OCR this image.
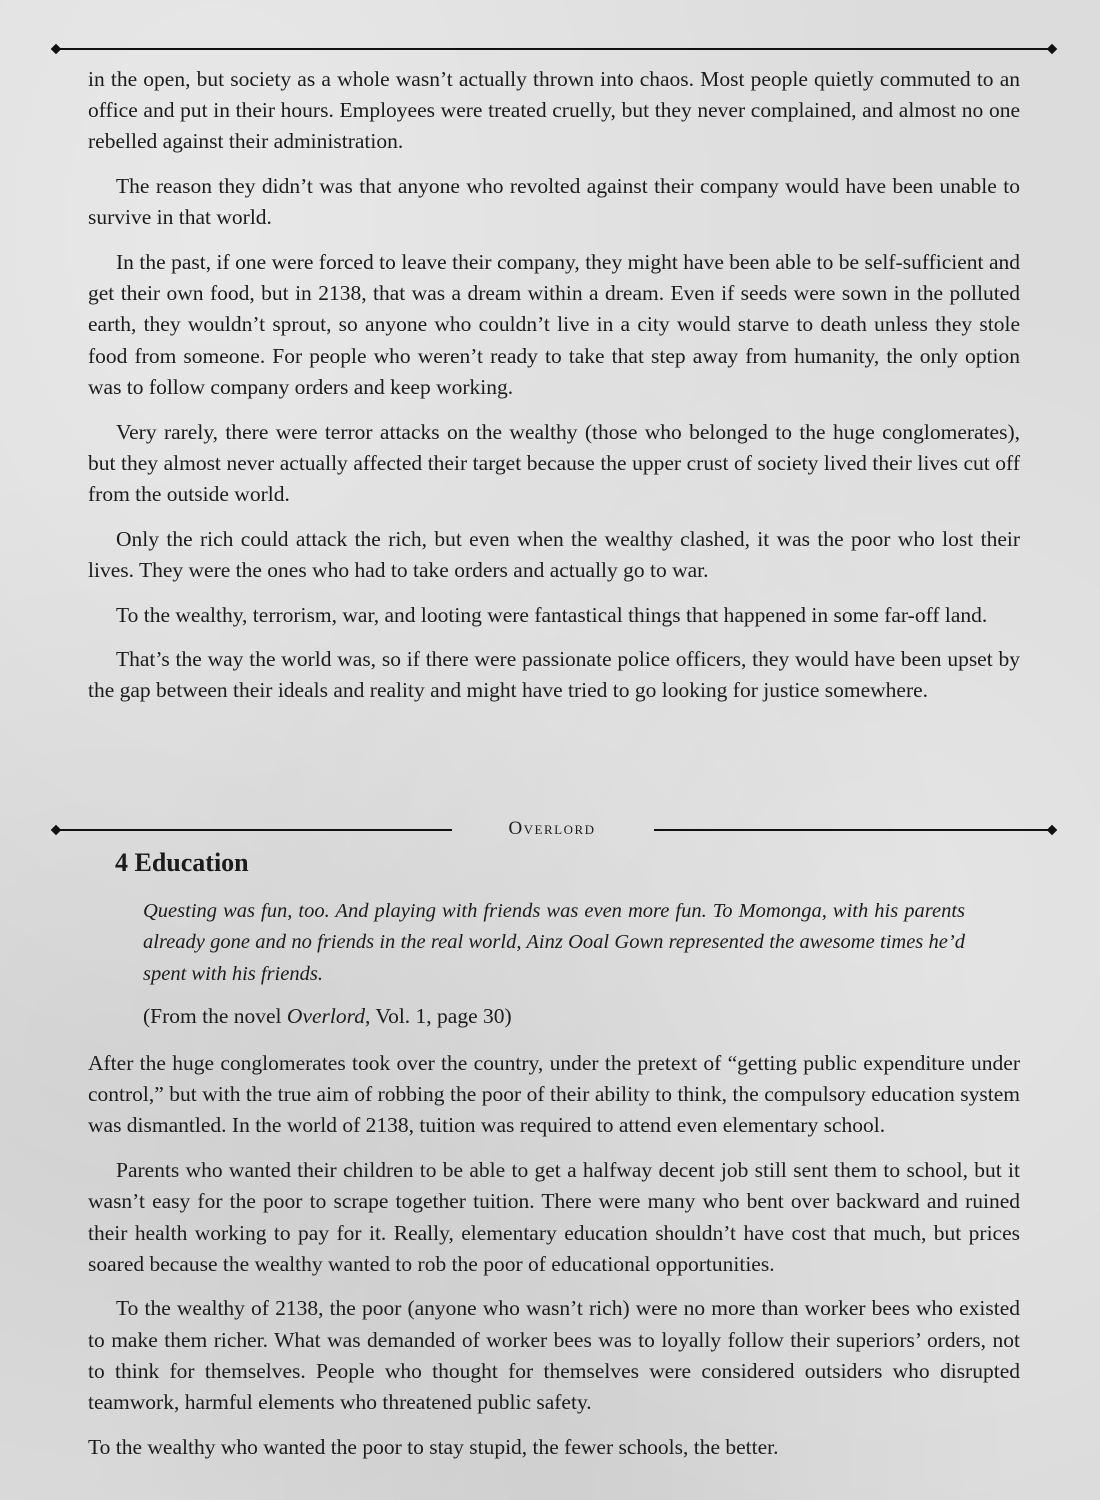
in the open, but society as a whole wasn’t actually thrown into chaos. Most people quietly commuted to an office and put in their hours. Employees were treated cruelly, but they never complained, and almost no one rebelled against their administration.

The reason they didn’t was that anyone who revolted against their company would have been unable to survive in that world.

In the past, if one were forced to leave their company, they might have been able to be self-sufficient and get their own food, but in 2138, that was a dream within a dream. Even if seeds were sown in the polluted earth, they wouldn’t sprout, so anyone who couldn’t live in a city would starve to death unless they stole food from someone. For people who weren’t ready to take that step away from humanity, the only option was to follow company orders and keep working.

Very rarely, there were terror attacks on the wealthy (those who belonged to the huge conglomerates), but they almost never actually affected their target because the upper crust of society lived their lives cut off from the outside world.

Only the rich could attack the rich, but even when the wealthy clashed, it was the poor who lost their lives. They were the ones who had to take orders and actually go to war.

To the wealthy, terrorism, war, and looting were fantastical things that happened in some far-off land.

That’s the way the world was, so if there were passionate police officers, they would have been upset by the gap between their ideals and reality and might have tried to go looking for justice somewhere.

Overlord
4 Education

Questing was fun, too. And playing with friends was even more fun. To Momonga, with his parents already gone and no friends in the real world, Ainz Ooal Gown represented the awesome times he’d spent with his friends.

(From the novel Overlord, Vol. 1, page 30)

After the huge conglomerates took over the country, under the pretext of “getting public expenditure under control,” but with the true aim of robbing the poor of their ability to think, the compulsory education system was dismantled. In the world of 2138, tuition was required to attend even elementary school.

Parents who wanted their children to be able to get a halfway decent job still sent them to school, but it wasn’t easy for the poor to scrape together tuition. There were many who bent over backward and ruined their health working to pay for it. Really, elementary education shouldn’t have cost that much, but prices soared because the wealthy wanted to rob the poor of educational opportunities.

To the wealthy of 2138, the poor (anyone who wasn’t rich) were no more than worker bees who existed to make them richer. What was demanded of worker bees was to loyally follow their superiors’ orders, not to think for themselves. People who thought for themselves were considered outsiders who disrupted teamwork, harmful elements who threatened public safety.

To the wealthy who wanted the poor to stay stupid, the fewer schools, the better.
